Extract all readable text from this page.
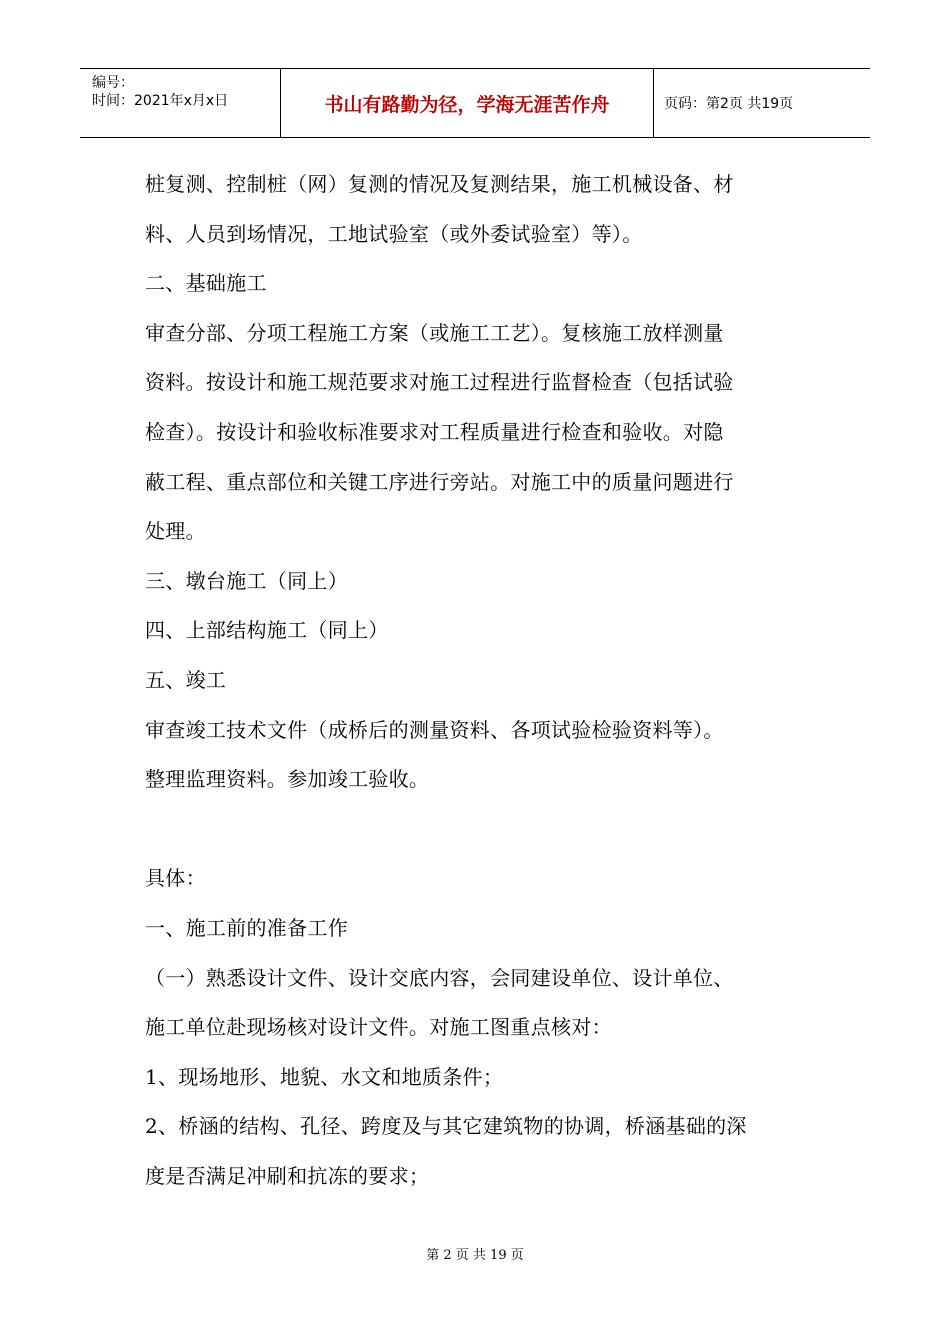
编号：
时间：2021年x月x日	书山有路勤为径，学海无涯苦作舟	页码：第2页 共19页
桩复测、控制桩（网）复测的情况及复测结果，施工机械设备、材
料、人员到场情况，工地试验室（或外委试验室）等）。
二、基础施工
审查分部、分项工程施工方案（或施工工艺）。复核施工放样测量
资料。按设计和施工规范要求对施工过程进行监督检查（包括试验
检查）。按设计和验收标准要求对工程质量进行检查和验收。对隐
蔽工程、重点部位和关键工序进行旁站。对施工中的质量问题进行
处理。
三、墩台施工（同上）
四、上部结构施工（同上）
五、竣工
审查竣工技术文件（成桥后的测量资料、各项试验检验资料等）。
整理监理资料。参加竣工验收。
具体：
一、施工前的准备工作
（一）熟悉设计文件、设计交底内容，会同建设单位、设计单位、
施工单位赴现场核对设计文件。对施工图重点核对：
1、现场地形、地貌、水文和地质条件；
2、桥涵的结构、孔径、跨度及与其它建筑物的协调，桥涵基础的深
度是否满足冲刷和抗冻的要求；
第 2 页 共 19 页
